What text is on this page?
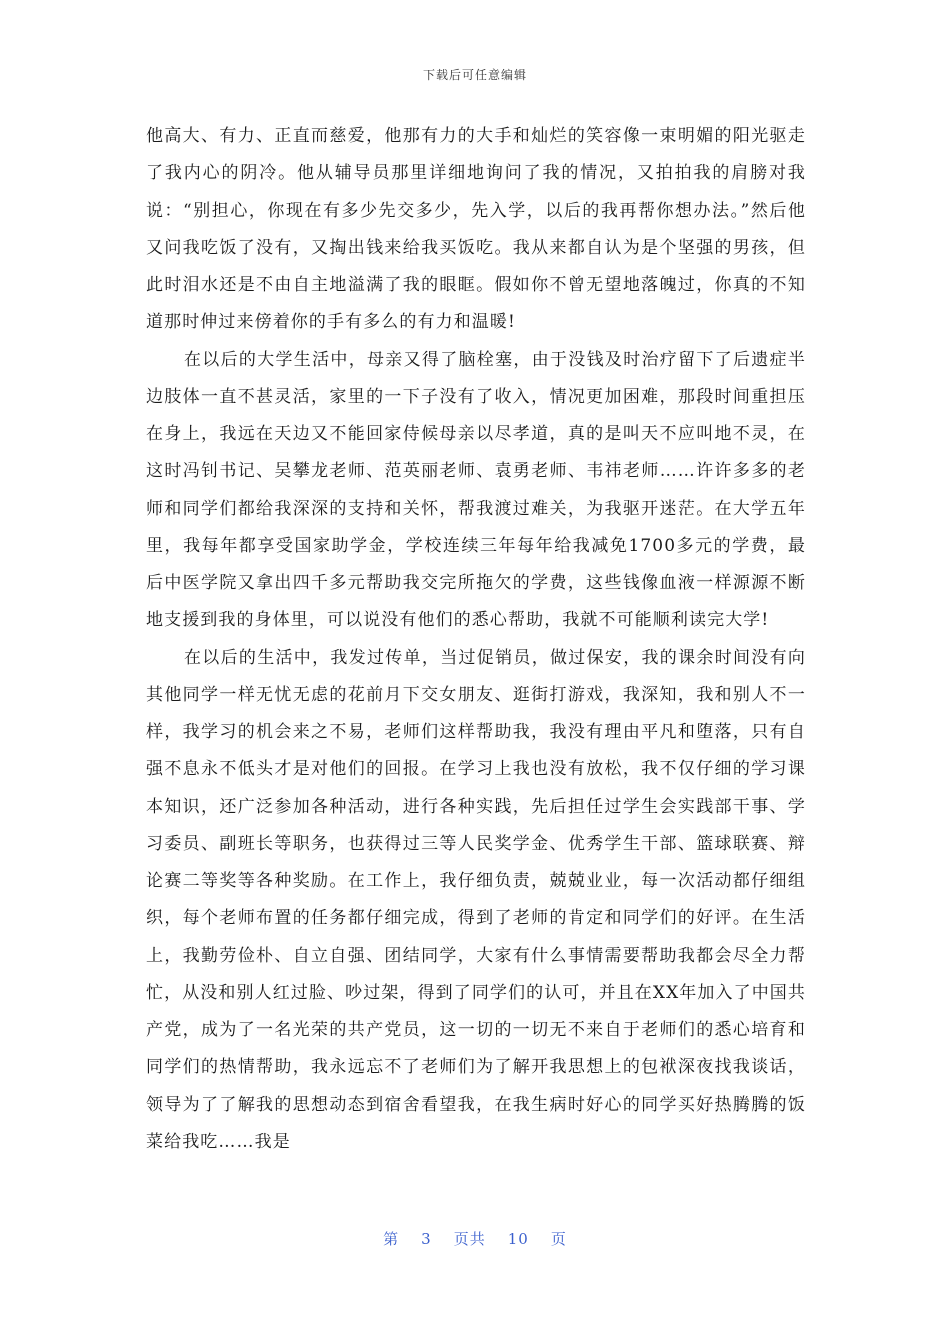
下载后可任意编辑

他高大、有力、正直而慈爱，他那有力的大手和灿烂的笑容像一束明媚的阳光驱走了我内心的阴冷。他从辅导员那里详细地询问了我的情况，又拍拍我的肩膀对我说：“别担心，你现在有多少先交多少，先入学，以后的我再帮你想办法。”然后他又问我吃饭了没有，又掏出钱来给我买饭吃。我从来都自认为是个坚强的男孩，但此时泪水还是不由自主地溢满了我的眼眶。假如你不曾无望地落魄过，你真的不知道那时伸过来傍着你的手有多么的有力和温暖!

在以后的大学生活中，母亲又得了脑栓塞，由于没钱及时治疗留下了后遗症半边肢体一直不甚灵活，家里的一下子没有了收入，情况更加困难，那段时间重担压在身上，我远在天边又不能回家侍候母亲以尽孝道，真的是叫天不应叫地不灵，在这时冯钊书记、吴攀龙老师、范英丽老师、袁勇老师、韦祎老师……许许多多的老师和同学们都给我深深的支持和关怀，帮我渡过难关，为我驱开迷茫。在大学五年里，我每年都享受国家助学金，学校连续三年每年给我减免1700多元的学费，最后中医学院又拿出四千多元帮助我交完所拖欠的学费，这些钱像血液一样源源不断地支援到我的身体里，可以说没有他们的悉心帮助，我就不可能顺利读完大学!

在以后的生活中，我发过传单，当过促销员，做过保安，我的课余时间没有向其他同学一样无忧无虑的花前月下交女朋友、逛街打游戏，我深知，我和别人不一样，我学习的机会来之不易，老师们这样帮助我，我没有理由平凡和堕落，只有自强不息永不低头才是对他们的回报。在学习上我也没有放松，我不仅仔细的学习课本知识，还广泛参加各种活动，进行各种实践，先后担任过学生会实践部干事、学习委员、副班长等职务，也获得过三等人民奖学金、优秀学生干部、篮球联赛、辩论赛二等奖等各种奖励。在工作上，我仔细负责，兢兢业业，每一次活动都仔细组织，每个老师布置的任务都仔细完成，得到了老师的肯定和同学们的好评。在生活上，我勤劳俭朴、自立自强、团结同学，大家有什么事情需要帮助我都会尽全力帮忙，从没和别人红过脸、吵过架，得到了同学们的认可，并且在XX年加入了中国共产党，成为了一名光荣的共产党员，这一切的一切无不来自于老师们的悉心培育和同学们的热情帮助，我永远忘不了老师们为了解开我思想上的包袱深夜找我谈话，领导为了了解我的思想动态到宿舍看望我，在我生病时好心的同学买好热腾腾的饭菜给我吃……我是

第 3 页共 10 页
